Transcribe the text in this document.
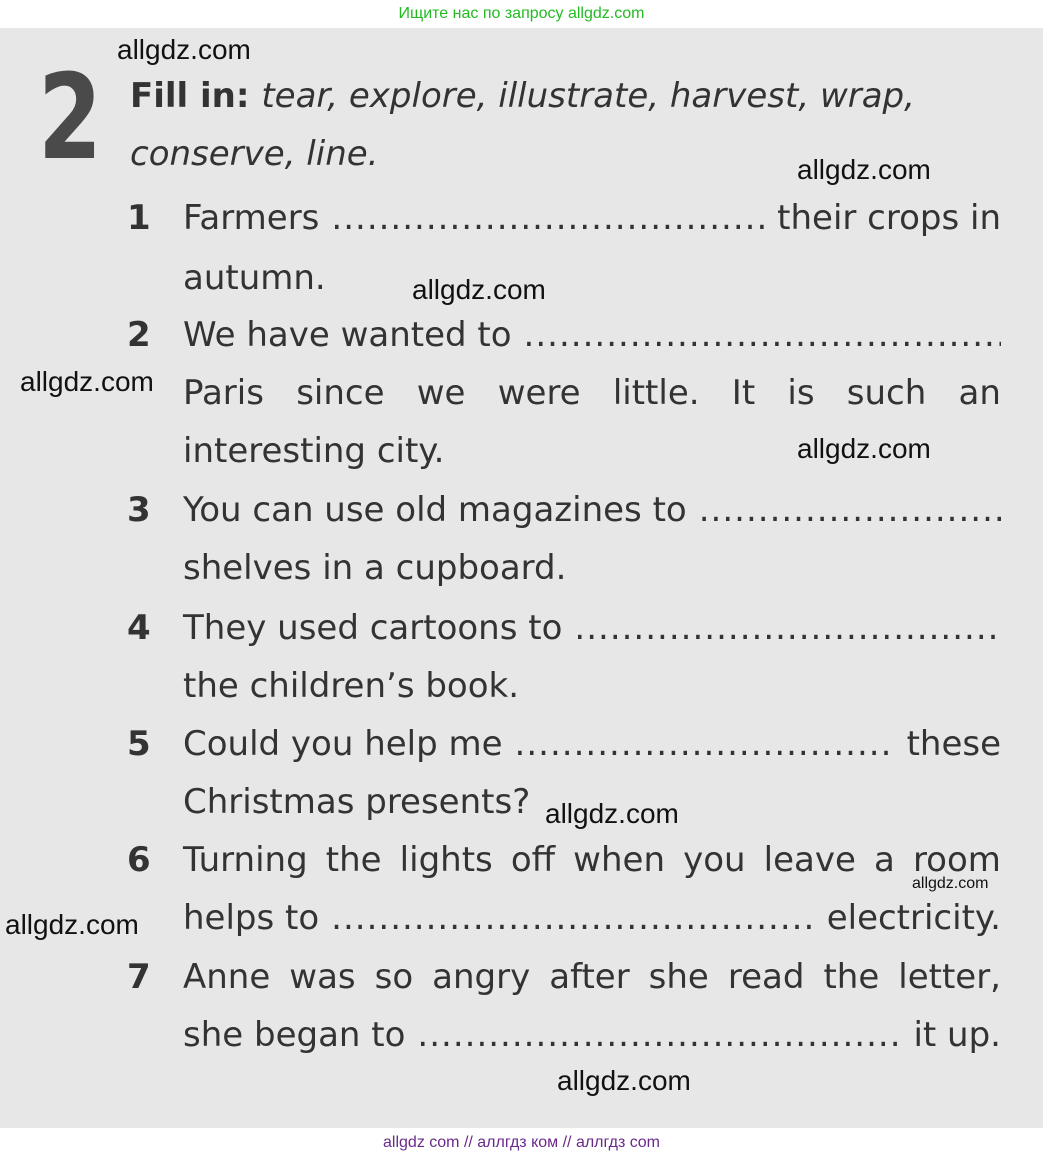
Ищите нас по запросу allgdz.com
2 Fill in: tear, explore, illustrate, harvest, wrap,
conserve, line.
1 Farmers .....	their crops in
autumn.
2 We have wanted to
.....
Paris since we were little. It is such an
interesting city.
3 You can use old magazines to
.....
shelves in a cupboard.
4 They used cartoons to
.....
the children’s book.
5 Could you help me .....	these
Christmas presents?
6 Turning the lights off when you leave a room
helps to .....	electricity.
7 Anne was so angry after she read the letter,
she began to .....	it up.
allgdz.com
allgdz.com
allgdz.com
allgdz.com
allgdz.com
allgdz.com
allgdz.com
allgdz.com
allgdz.com
allgdz com // аллгдз ком // аллгдз com
